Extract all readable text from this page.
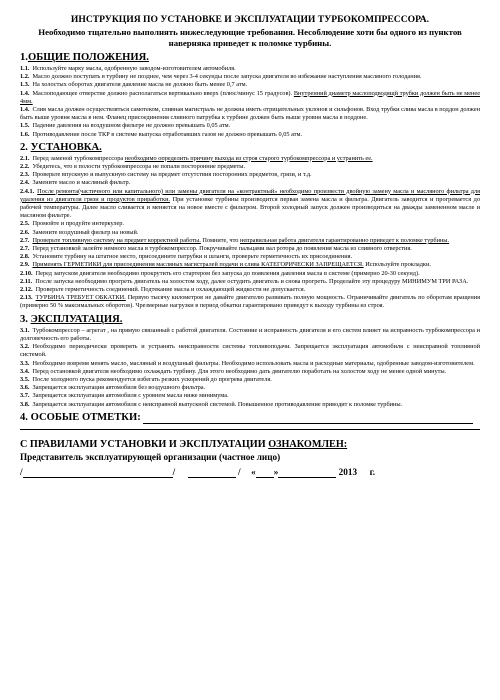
ИНСТРУКЦИЯ ПО УСТАНОВКЕ И ЭКСПЛУАТАЦИИ ТУРБОКОМПРЕССОРА.
Необходимо тщательно выполнять нижеследующие требования. Несоблюдение хоти бы одного из пунктов наверняка приведет к поломке турбины.
1.ОБЩИЕ ПОЛОЖЕНИЯ.

1.1. Используйте марку масла, одобренную заводом-изготовителем автомобиля.

1.2. Масло должно поступать в турбину не позднее, чем через 3-4 секунды после запуска двигателя во избежание наступления масляного голодания.

1.3. На холостых оборотах двигателя давление масла не должно быть менее 0,7 атм.

1.4. Маслоподающее отверстие должно располагаться вертикально вверх (плюс/минус 15 градусов). Внутренний диаметр маслоподводящй трубки должен быть не менее 4мм.

1.4. Слив масла должен осуществляться самотеком, сливная магистраль не должна иметь отрицательных уклонов и сильфонов. Вход трубки слива масла в поддон должен быть выше уровня масла в нем. Фланец присоединения сливного патрубка к турбине должен быть выше уровня масла в поддоне.

1.5. Падение давления на воздушном фильтре не должно превышать 0,05 атм.

1.6. Противодавление после ТКР в системе выпуска отработавших газов не должно превышать 0,05 атм.

2. УСТАНОВКА.

2.1. Перед заменой турбокомпрессора необходимо определить причину выхода из строя старого турбокомпрессора и устранить ее.

2.2. Убедитесь, что в полости турбокомпрессора не попали посторонние предметы.

2.3. Проверьте впускную и выпускную систему на предмет отсутствия посторонних предметов, грязи, и т.д.

2.4. Замените масло и масляный фильтр.

2.4.1. После ремонта(частичного или капитального) или замены двигателя на «контрактный» необходимо произвести двойную замену масла и масляного фильтра для удаления из двигателя грязи и продуктов приработки. При установке турбины производится первая замена масла и фильтра. Двигатель заводится и прогревается до рабочей температуры. Далее масло сливается и меняется на новое вместе с фильтром. Второй холодный запуск должен производиться на дважды замененном масле и масляном фильтре.

2.5. Промойте и продуйте интеркулер.

2.6. Замените воздушный фильтр на новый.

2.7. Проверьте топливную систему на предмет корректной работы. Помните, что неправильная работа двигателя гарантированно приведет к поломке турбины.

2.7. Перед установкой залейте немного масла в турбокомпрессор. Покручивайте пальцами вал ротора до появления масла из сливного отверстия.

2.8. Установите турбину на штатное место, присоедините патрубки и шланги, проверьте герметичность их присоединения.

2.9. Применять ГЕРМЕТИКИ для присоединения масляных магистралей подачи и слива КАТЕГОРИЧЕСКИ ЗАПРЕЩАЕТСЯ. Используйте прокладки.

2.10. Перед запуском двигателя необходимо прокрутить его стартером без запуска до появления давления масла в системе (примерно 20-30 секунд).

2.11. После запуска необходимо прогреть двигатель на холостом ходу, далее остудить двигатель и снова прогреть. Проделайте эту процедуру МИНИМУМ ТРИ РАЗА.

2.12. Проверьте герметичность соединений. Подтекание масла и охлаждающей жидкости не допускается.

2.13. ТУРБИНА ТРЕБУЕТ ОБКАТКИ. Первую тысячу километров не давайте двигателю развивать полную мощность. Ограничивайте двигатель по оборотам вращения (примерно 50 % максимальных оборотов). Чрезмерные нагрузки в период обкатки гарантировано приведут к выходу турбины из строя.

3. ЭКСПЛУАТАЦИЯ.

3.1. Турбокомпрессор – агрегат , на прямую связанный с работой двигателя. Состояние и исправность двигателя и его систем влияет на исправность турбокомпрессора и долговечность его работы.

3.2. Необходимо периодически проверять и устранять неисправности системы топливоподачи. Запрещается эксплуатация автомобиля с неисправной топливной системой.

3.3. Необходимо вовремя менять масло, масляный и воздушный фильтры. Необходимо использовать масла и расходные материалы, одобренные заводом-изготовителем.

3.4. Перед остановкой двигателя необходимо охлаждать турбину. Для этого необходимо дать двигателю поработать на холостом ходу не менее одной минуты.

3.5. После холодного пуска рекомендуется избегать резких ускорений до прогрева двигателя.

3.6. Запрещается эксплуатация автомобиля без воздушного фильтра.

3.7. Запрещается эксплуатация автомобиля с уровнем масла ниже минимума.

3.8. Запрещается эксплуатация автомобиля с неисправной выпускной системой. Повышенное противодавление приводит к поломке турбины.

4. ОСОБЫЕ ОТМЕТКИ:
С ПРАВИЛАМИ УСТАНОВКИ И ЭКСПЛУАТАЦИИ ОЗНАКОМЛЕН:
Представитель эксплуатирующей организации (частное лицо)
/	/	/ « »	2013 г.
